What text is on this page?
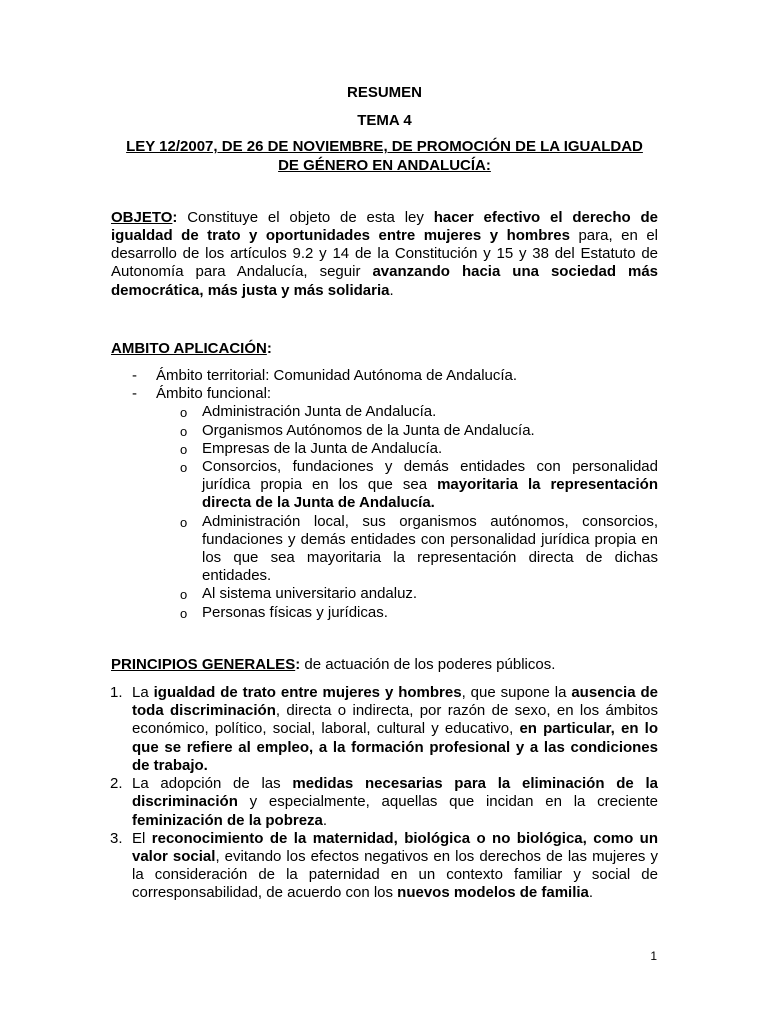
RESUMEN
TEMA 4
LEY 12/2007, DE 26 DE NOVIEMBRE, DE PROMOCIÓN DE LA IGUALDAD
DE GÉNERO EN ANDALUCÍA:

OBJETO: Constituye el objeto de esta ley hacer efectivo el derecho de igualdad de trato y oportunidades entre mujeres y hombres para, en el desarrollo de los artículos 9.2 y 14 de la Constitución y 15 y 38 del Estatuto de Autonomía para Andalucía, seguir avanzando hacia una sociedad más democrática, más justa y más solidaria.

AMBITO APLICACIÓN:
- Ámbito territorial: Comunidad Autónoma de Andalucía.
- Ámbito funcional:
o Administración Junta de Andalucía.
o Organismos Autónomos de la Junta de Andalucía.
o Empresas de la Junta de Andalucía.
o Consorcios, fundaciones y demás entidades con personalidad jurídica propia en los que sea mayoritaria la representación directa de la Junta de Andalucía.
o Administración local, sus organismos autónomos, consorcios, fundaciones y demás entidades con personalidad jurídica propia en los que sea mayoritaria la representación directa de dichas entidades.
o Al sistema universitario andaluz.
o Personas físicas y jurídicas.
PRINCIPIOS GENERALES: de actuación de los poderes públicos.
1. La igualdad de trato entre mujeres y hombres, que supone la ausencia de toda discriminación, directa o indirecta, por razón de sexo, en los ámbitos económico, político, social, laboral, cultural y educativo, en particular, en lo que se refiere al empleo, a la formación profesional y a las condiciones de trabajo.
2. La adopción de las medidas necesarias para la eliminación de la discriminación y especialmente, aquellas que incidan en la creciente feminización de la pobreza.
3. El reconocimiento de la maternidad, biológica o no biológica, como un valor social, evitando los efectos negativos en los derechos de las mujeres y la consideración de la paternidad en un contexto familiar y social de corresponsabilidad, de acuerdo con los nuevos modelos de familia.
1
